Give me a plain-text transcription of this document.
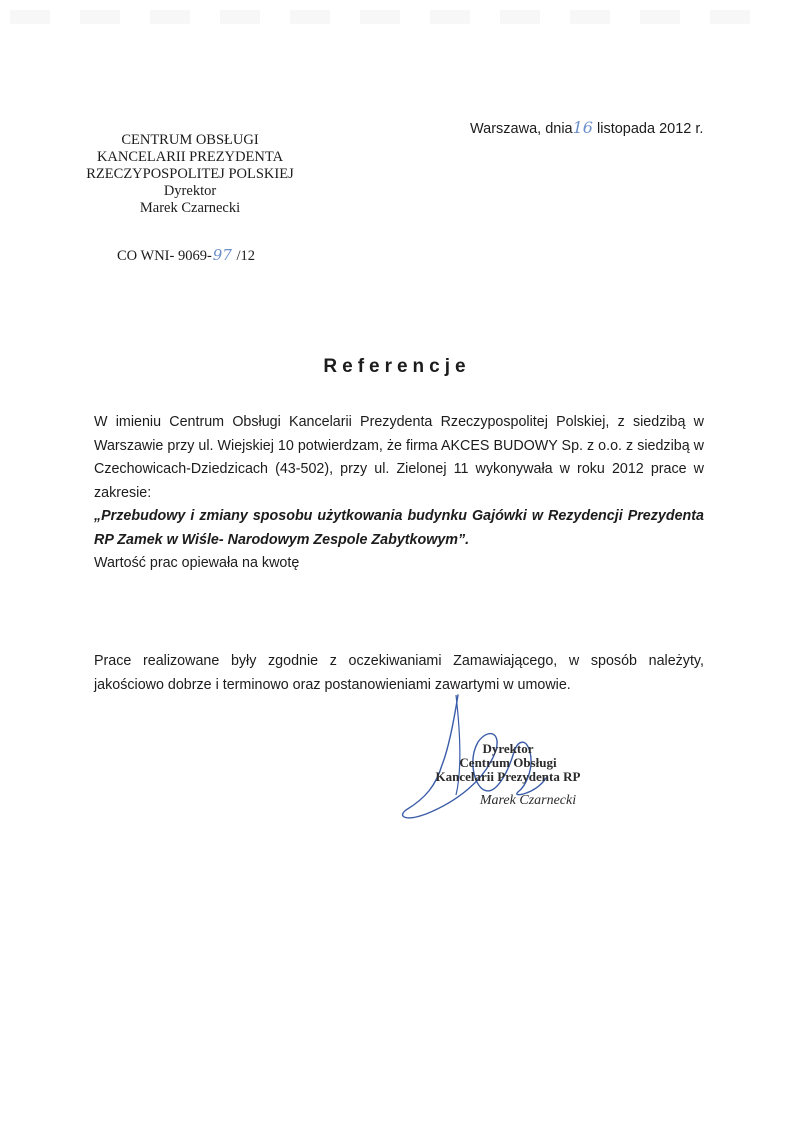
CENTRUM OBSŁUGI
KANCELARII PREZYDENTA
RZECZYPOSPOLITEJ POLSKIEJ
Dyrektor
Marek Czarnecki
CO WNI- 9069-97 /12
Warszawa, dnia16 listopada 2012 r.
Referencje
W imieniu Centrum Obsługi Kancelarii Prezydenta Rzeczypospolitej Polskiej, z siedzibą w Warszawie przy ul. Wiejskiej 10 potwierdzam, że firma AKCES BUDOWY Sp. z o.o. z siedzibą w Czechowicach-Dziedzicach (43-502), przy ul. Zielonej 11 wykonywała w roku 2012 prace w zakresie:
„Przebudowy i zmiany sposobu użytkowania budynku Gajówki w Rezydencji Prezydenta RP Zamek w Wiśle- Narodowym Zespole Zabytkowym”.
Wartość prac opiewała na kwotę
Prace realizowane były zgodnie z oczekiwaniami Zamawiającego, w sposób należyty, jakościowo dobrze i terminowo oraz postanowieniami zawartymi w umowie.
Dyrektor
Centrum Obsługi
Kancelarii Prezydenta RP
Marek Czarnecki
